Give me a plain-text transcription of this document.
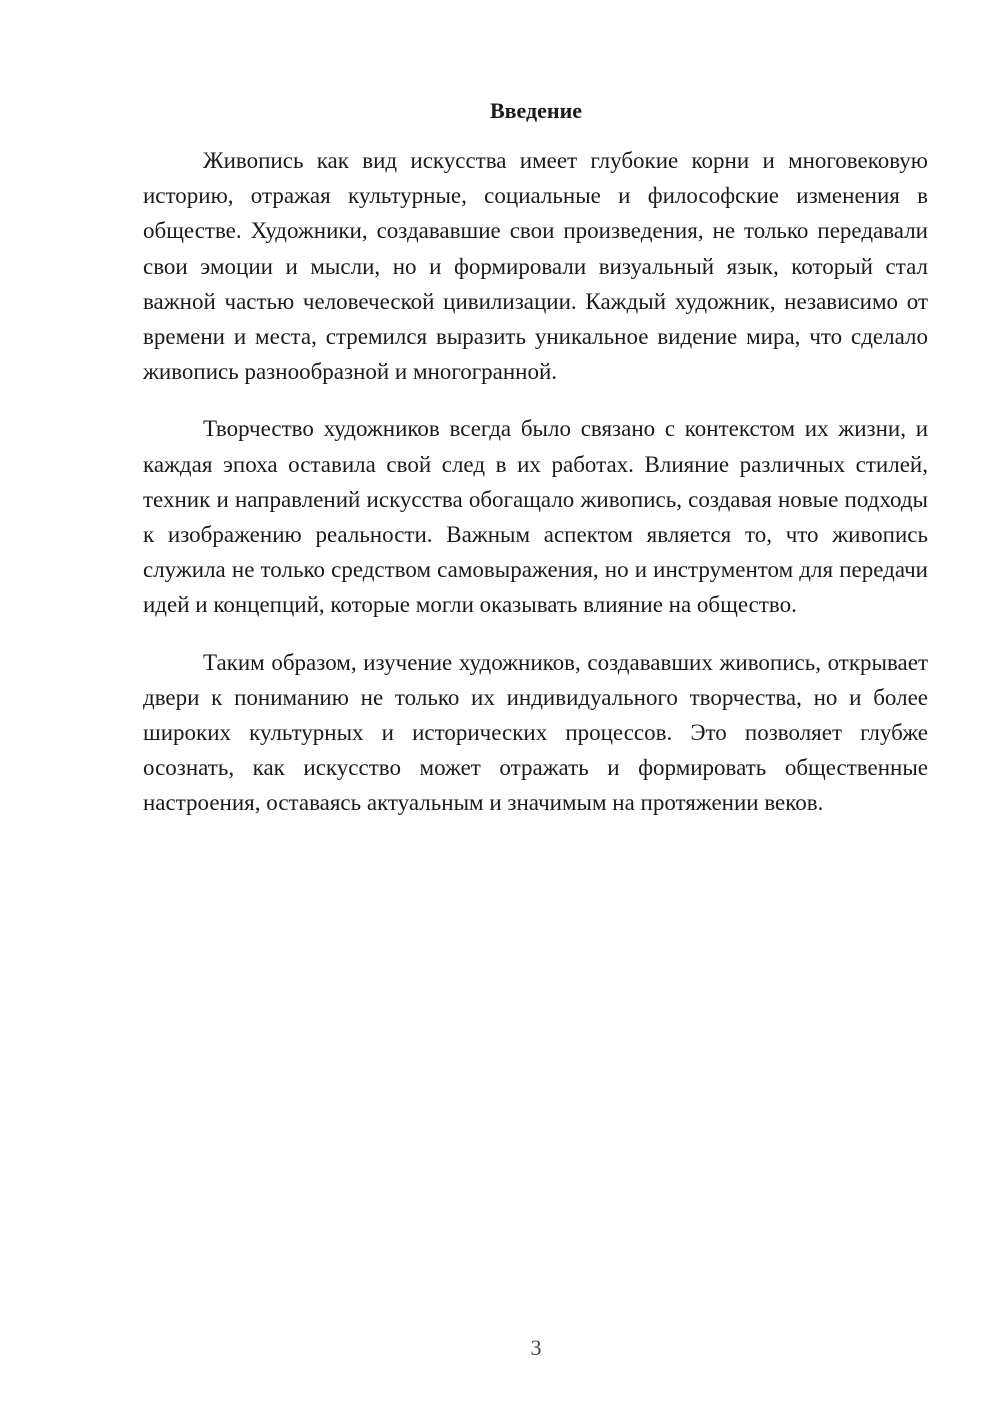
Введение

Живопись как вид искусства имеет глубокие корни и многовековую историю, отражая культурные, социальные и философские изменения в обществе. Художники, создававшие свои произведения, не только передавали свои эмоции и мысли, но и формировали визуальный язык, который стал важной частью человеческой цивилизации. Каждый художник, независимо от времени и места, стремился выразить уникальное видение мира, что сделало живопись разнообразной и многогранной.

Творчество художников всегда было связано с контекстом их жизни, и каждая эпоха оставила свой след в их работах. Влияние различных стилей, техник и направлений искусства обогащало живопись, создавая новые подходы к изображению реальности. Важным аспектом является то, что живопись служила не только средством самовыражения, но и инструментом для передачи идей и концепций, которые могли оказывать влияние на общество.

Таким образом, изучение художников, создававших живопись, открывает двери к пониманию не только их индивидуального творчества, но и более широких культурных и исторических процессов. Это позволяет глубже осознать, как искусство может отражать и формировать общественные настроения, оставаясь актуальным и значимым на протяжении веков.

3
